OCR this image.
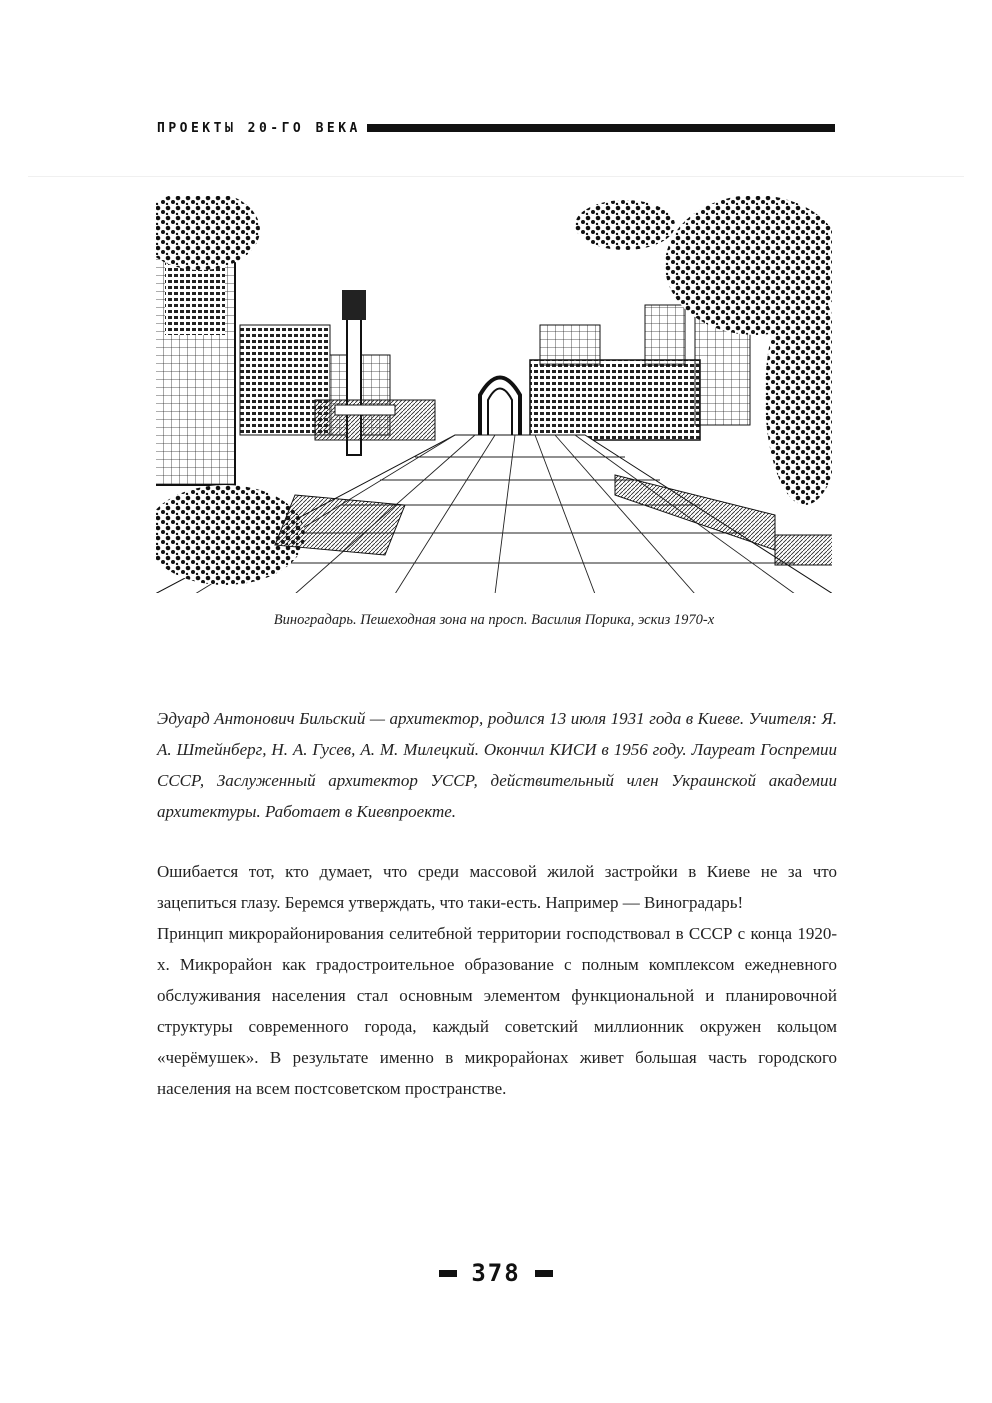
ПРОЕКТЫ 20-ГО ВЕКА
Виноградарь. Пешеходная зона на просп. Василия Порика, эскиз 1970-х

Эдуард Антонович Бильский — архитектор, родился 13 июля 1931 года в Киеве. Учителя: Я. А. Штейнберг, Н. А. Гусев, А. М. Милецкий. Окончил КИСИ в 1956 году. Лауреат Госпремии СССР, Заслуженный архитектор УССР, действительный член Украинской академии архитектуры. Работает в Киевпроекте.

Ошибается тот, кто думает, что среди массовой жилой застройки в Киеве не за что зацепиться глазу. Беремся утверждать, что таки-есть. Например — Виноградарь!

Принцип микрорайонирования селитебной территории господствовал в СССР с конца 1920-х. Микрорайон как градостроительное образование с полным комплексом ежедневного обслуживания населения стал основным элементом функциональной и планировочной структуры современного города, каждый советский миллионник окружен кольцом «черёмушек». В результате именно в микрорайонах живет большая часть городского населения на всем постсоветском пространстве.

378
